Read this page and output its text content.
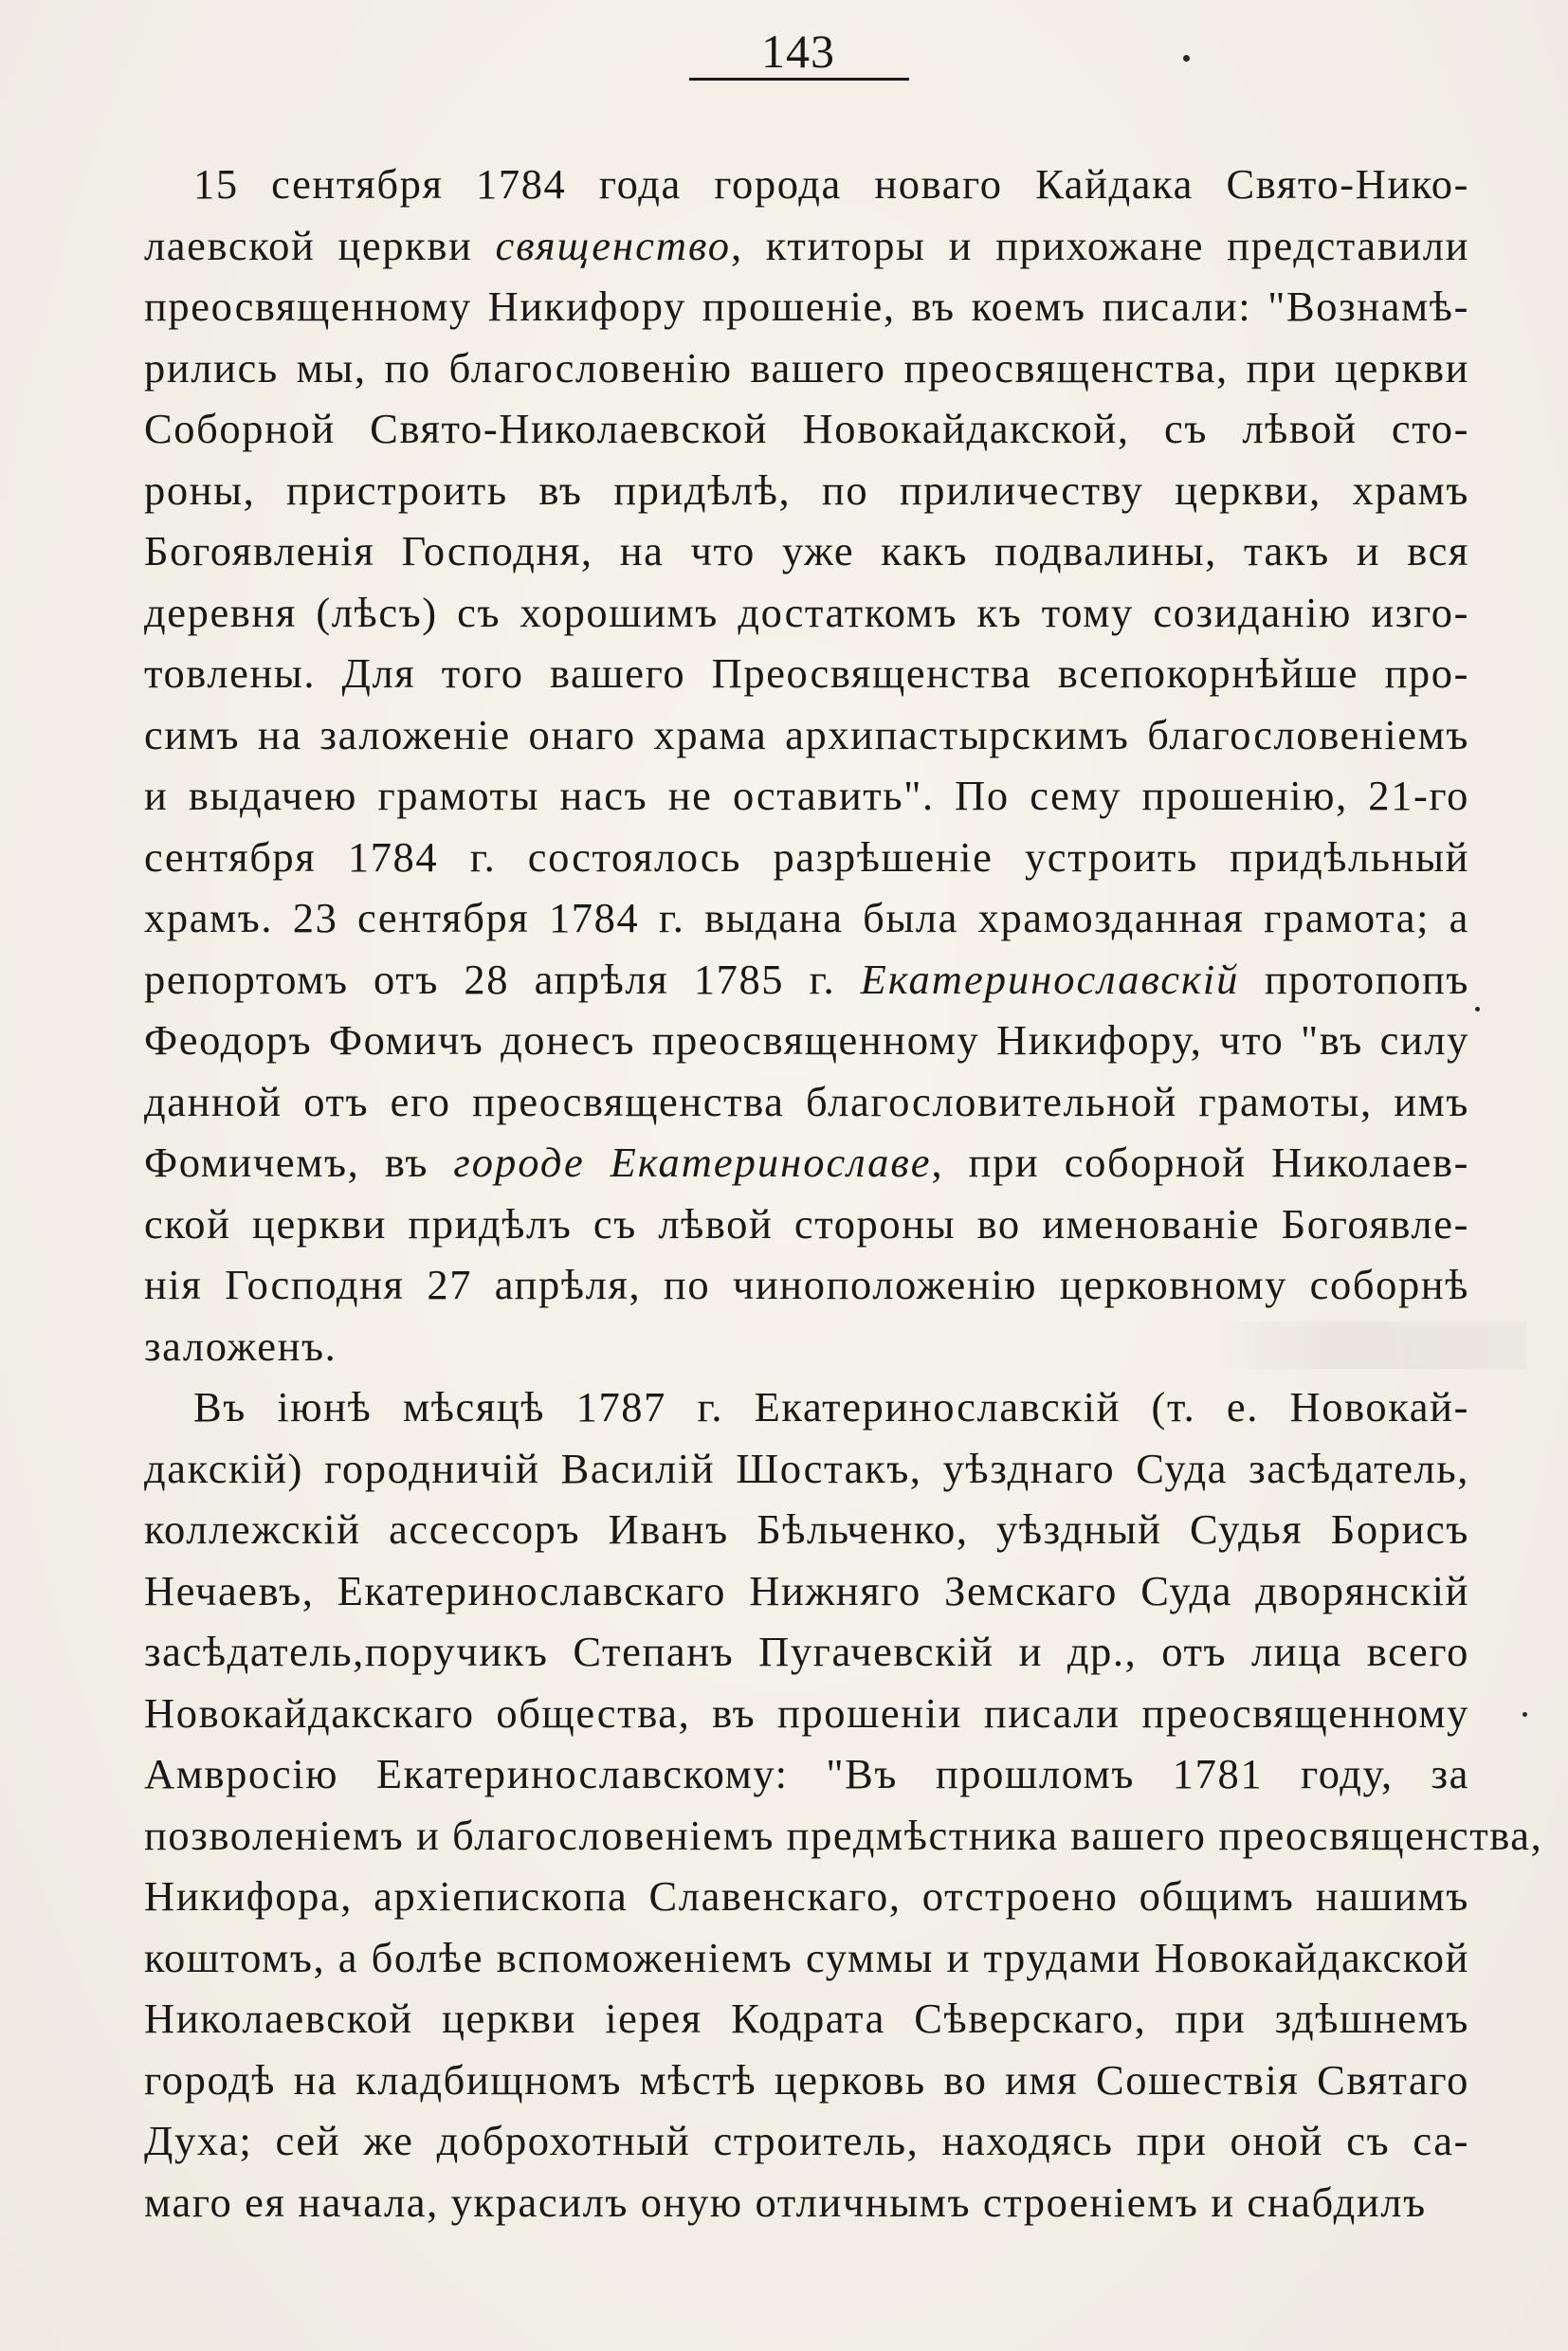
143
15 сентября 1784 года города новаго Кайдака Свято-Нико-
лаевской церкви священство, ктиторы и прихожане представили
преосвященному Никифору прошеніе, въ коемъ писали: "Вознамѣ-
рились мы, по благословенію вашего преосвященства, при церкви
Соборной Свято-Николаевской Новокайдакской, съ лѣвой сто-
роны, пристроить въ придѣлѣ, по приличеству церкви, храмъ
Богоявленія Господня, на что уже какъ подвалины, такъ и вся
деревня (лѣсъ) съ хорошимъ достаткомъ къ тому созиданію изго-
товлены. Для того вашего Преосвященства всепокорнѣйше про-
симъ на заложеніе онаго храма архипастырскимъ благословеніемъ
и выдачею грамоты насъ не оставить". По сему прошенію, 21-го
сентября 1784 г. состоялось разрѣшеніе устроить придѣльный
храмъ. 23 сентября 1784 г. выдана была храмозданная грамота; а
репортомъ отъ 28 апрѣля 1785 г. Екатеринославскій протопопъ
Феодоръ Фомичъ донесъ преосвященному Никифору, что "въ силу
данной отъ его преосвященства благословительной грамоты, имъ
Фомичемъ, въ городе Екатеринославе, при соборной Николаев-
ской церкви придѣлъ съ лѣвой стороны во именованіе Богоявле-
нія Господня 27 апрѣля, по чиноположенію церковному соборнѣ
заложенъ.
Въ іюнѣ мѣсяцѣ 1787 г. Екатеринославскій (т. е. Новокай-
дакскій) городничій Василій Шостакъ, уѣзднаго Суда засѣдатель,
коллежскій ассессоръ Иванъ Бѣльченко, уѣздный Судья Борисъ
Нечаевъ, Екатеринославскаго Нижняго Земскаго Суда дворянскій
засѣдатель,поручикъ Степанъ Пугачевскій и др., отъ лица всего
Новокайдакскаго общества, въ прошеніи писали преосвященному
Амвросію Екатеринославскому: "Въ прошломъ 1781 году, за
позволеніемъ и благословеніемъ предмѣстника вашего преосвященства,
Никифора, архіепископа Славенскаго, отстроено общимъ нашимъ
коштомъ, а болѣе вспоможеніемъ суммы и трудами Новокайдакской
Николаевской церкви іерея Кодрата Сѣверскаго, при здѣшнемъ
городѣ на кладбищномъ мѣстѣ церковь во имя Сошествія Святаго
Духа; сей же доброхотный строитель, находясь при оной съ са-
маго ея начала, украсилъ оную отличнымъ строеніемъ и снабдилъ
